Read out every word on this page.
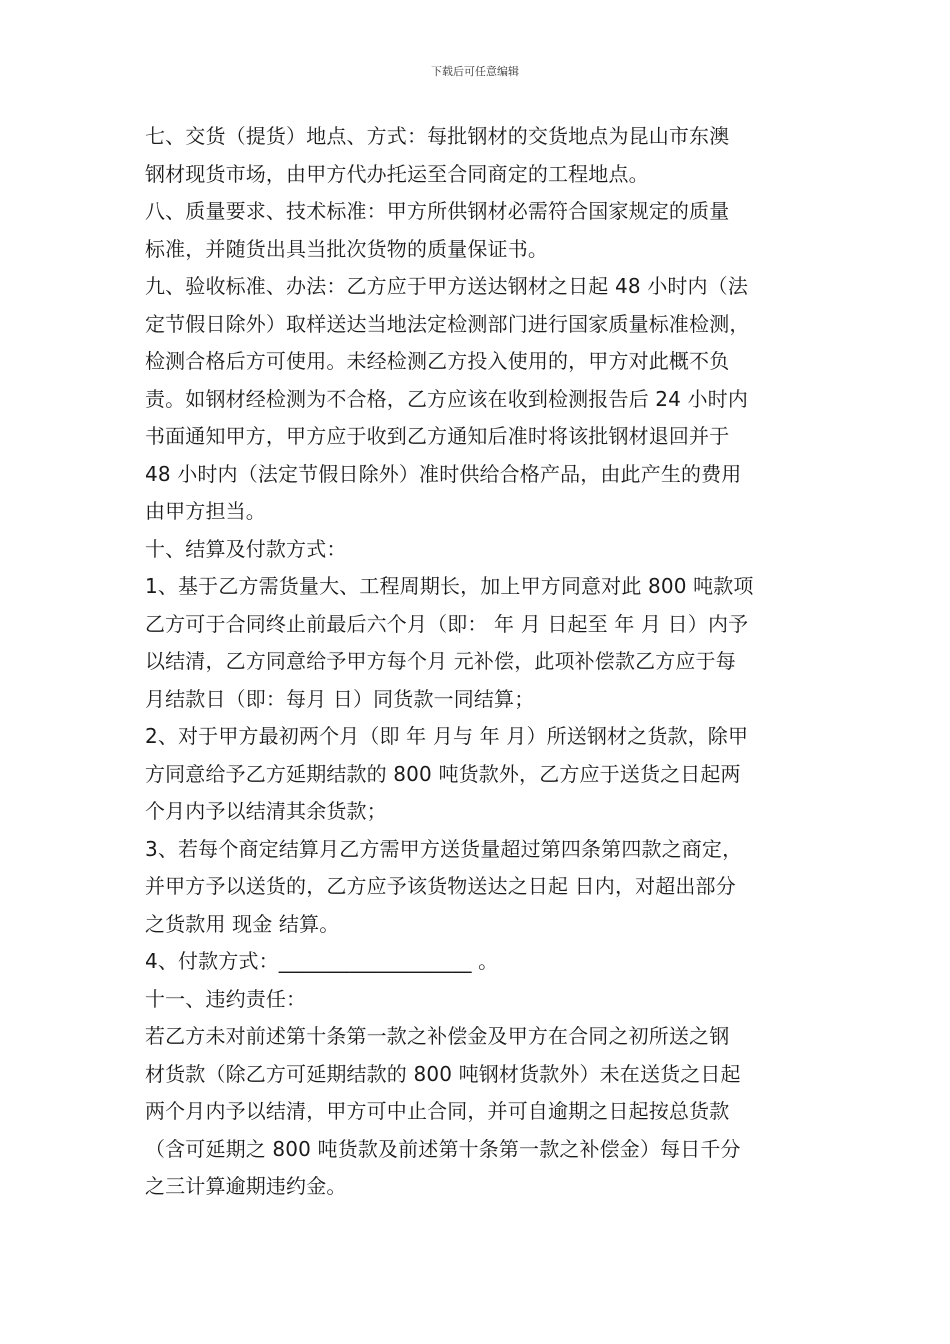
下载后可任意编辑
七、交货（提货）地点、方式：每批钢材的交货地点为昆山市东澳
钢材现货市场，由甲方代办托运至合同商定的工程地点。
八、质量要求、技术标准：甲方所供钢材必需符合国家规定的质量
标准，并随货出具当批次货物的质量保证书。
九、验收标准、办法：乙方应于甲方送达钢材之日起 48 小时内（法
定节假日除外）取样送达当地法定检测部门进行国家质量标准检测，
检测合格后方可使用。未经检测乙方投入使用的，甲方对此概不负
责。如钢材经检测为不合格，乙方应该在收到检测报告后 24 小时内
书面通知甲方，甲方应于收到乙方通知后准时将该批钢材退回并于
48 小时内（法定节假日除外）准时供给合格产品，由此产生的费用
由甲方担当。
十、结算及付款方式：
1、基于乙方需货量大、工程周期长，加上甲方同意对此 800 吨款项
乙方可于合同终止前最后六个月（即： 年 月 日起至 年 月 日）内予
以结清，乙方同意给予甲方每个月 元补偿，此项补偿款乙方应于每
月结款日（即：每月 日）同货款一同结算；
2、对于甲方最初两个月（即 年 月与 年 月）所送钢材之货款，除甲
方同意给予乙方延期结款的 800 吨货款外，乙方应于送货之日起两
个月内予以结清其余货款；
3、若每个商定结算月乙方需甲方送货量超过第四条第四款之商定，
并甲方予以送货的，乙方应予该货物送达之日起 日内，对超出部分
之货款用 现金 结算。
4、付款方式：___________________ 。
十一、违约责任：
若乙方未对前述第十条第一款之补偿金及甲方在合同之初所送之钢
材货款（除乙方可延期结款的 800 吨钢材货款外）未在送货之日起
两个月内予以结清，甲方可中止合同，并可自逾期之日起按总货款
（含可延期之 800 吨货款及前述第十条第一款之补偿金）每日千分
之三计算逾期违约金。
